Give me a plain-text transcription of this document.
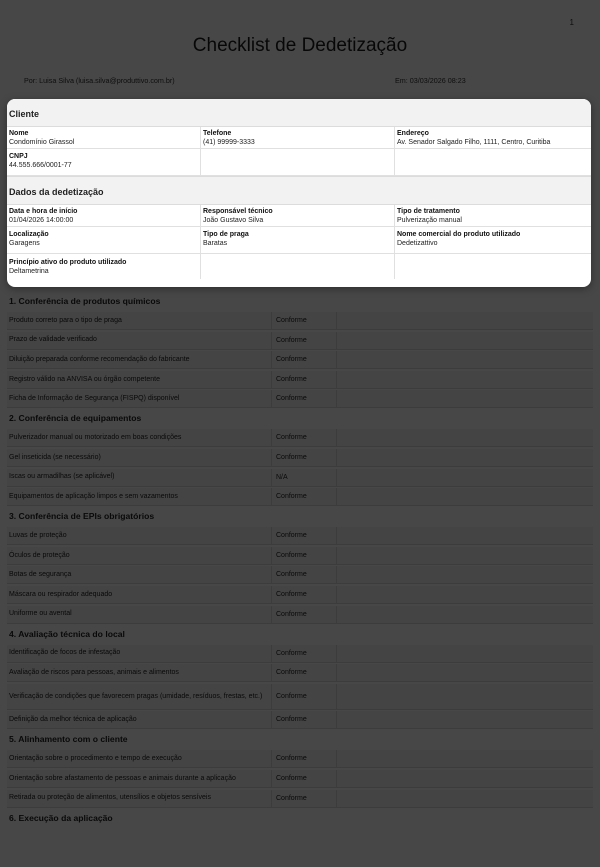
Cliente
Nome
Condomínio Girassol
Telefone
(41) 99999-3333
Endereço
Av. Senador Salgado Filho, 1111, Centro, Curitiba
CNPJ
44.555.666/0001-77
Dados da dedetização
Data e hora de início
01/04/2026 14:00:00
Responsável técnico
João Gustavo Silva
Tipo de tratamento
Pulverização manual
Localização
Garagens
Tipo de praga
Baratas
Nome comercial do produto utilizado
Dedetizattivo
Princípio ativo do produto utilizado
Deltametrina
